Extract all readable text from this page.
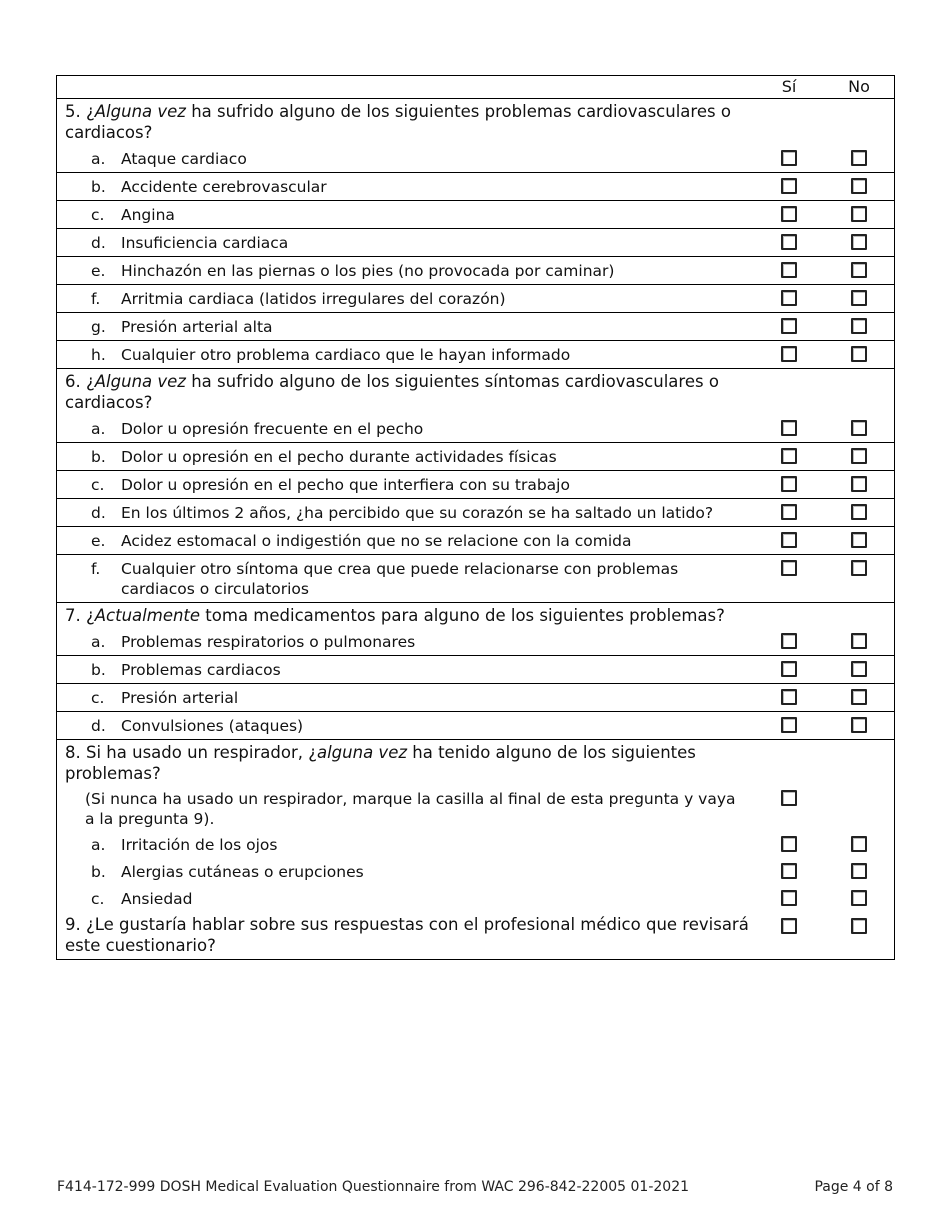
Sí	No
5. ¿Alguna vez ha sufrido alguno de los siguientes problemas cardiovasculares o cardiacos?
a. Ataque cardiaco
b. Accidente cerebrovascular
c. Angina
d. Insuficiencia cardiaca
e. Hinchazón en las piernas o los pies (no provocada por caminar)
f. Arritmia cardiaca (latidos irregulares del corazón)
g. Presión arterial alta
h. Cualquier otro problema cardiaco que le hayan informado
6. ¿Alguna vez ha sufrido alguno de los siguientes síntomas cardiovasculares o cardiacos?
a. Dolor u opresión frecuente en el pecho
b. Dolor u opresión en el pecho durante actividades físicas
c. Dolor u opresión en el pecho que interfiera con su trabajo
d. En los últimos 2 años, ¿ha percibido que su corazón se ha saltado un latido?
e. Acidez estomacal o indigestión que no se relacione con la comida
f. Cualquier otro síntoma que crea que puede relacionarse con problemas cardiacos o circulatorios
7. ¿Actualmente toma medicamentos para alguno de los siguientes problemas?
a. Problemas respiratorios o pulmonares
b. Problemas cardiacos
c. Presión arterial
d. Convulsiones (ataques)
8. Si ha usado un respirador, ¿alguna vez ha tenido alguno de los siguientes problemas?
(Si nunca ha usado un respirador, marque la casilla al final de esta pregunta y vaya a la pregunta 9).
a. Irritación de los ojos
b. Alergias cutáneas o erupciones
c. Ansiedad
9. ¿Le gustaría hablar sobre sus respuestas con el profesional médico que revisará este cuestionario?
F414-172-999 DOSH Medical Evaluation Questionnaire from WAC 296-842-22005 01-2021	Page 4 of 8
